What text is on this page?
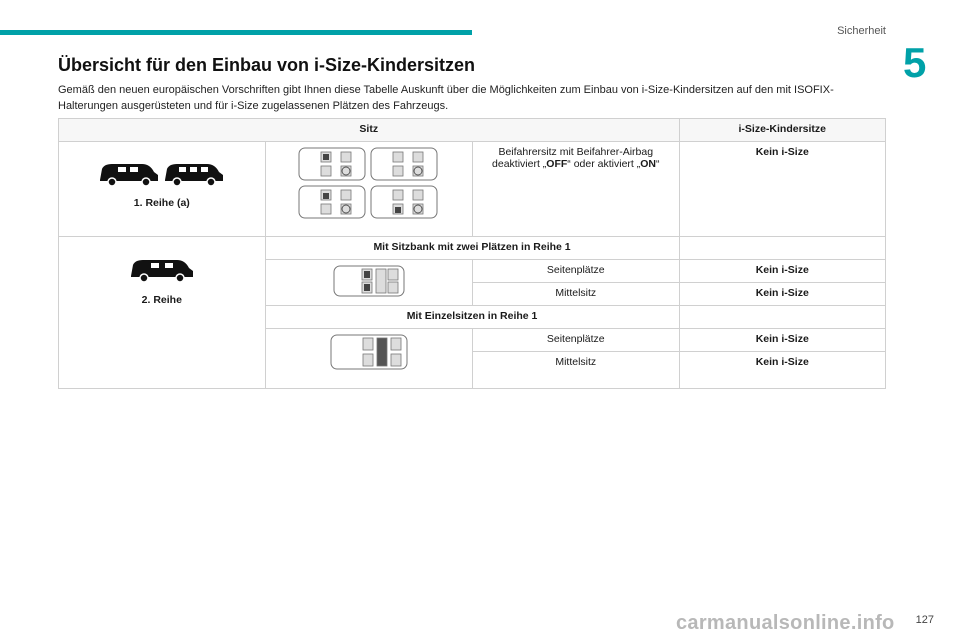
Sicherheit
5
Übersicht für den Einbau von i-Size-Kindersitzen
Gemäß den neuen europäischen Vorschriften gibt Ihnen diese Tabelle Auskunft über die Möglichkeiten zum Einbau von i-Size-Kindersitzen auf den mit ISOFIX-Halterungen ausgerüsteten und für i-Size zugelassenen Plätzen des Fahrzeugs.
Sitz			i-Size-Kindersitze

1. Reihe (a)		Beifahrersitz mit Beifahrer-Airbag
deaktiviert „OFF“ oder aktiviert „ON“	Kein i-Size

2. Reihe	Mit Sitzbank mit zwei Plätzen in Reihe 1		
	Seitenplätze	Kein i-Size
		Mittelsitz	Kein i-Size
	Mit Einzelsitzen in Reihe 1		
	Seitenplätze	Kein i-Size
		Mittelsitz	Kein i-Size
carmanualsonline.info 127
